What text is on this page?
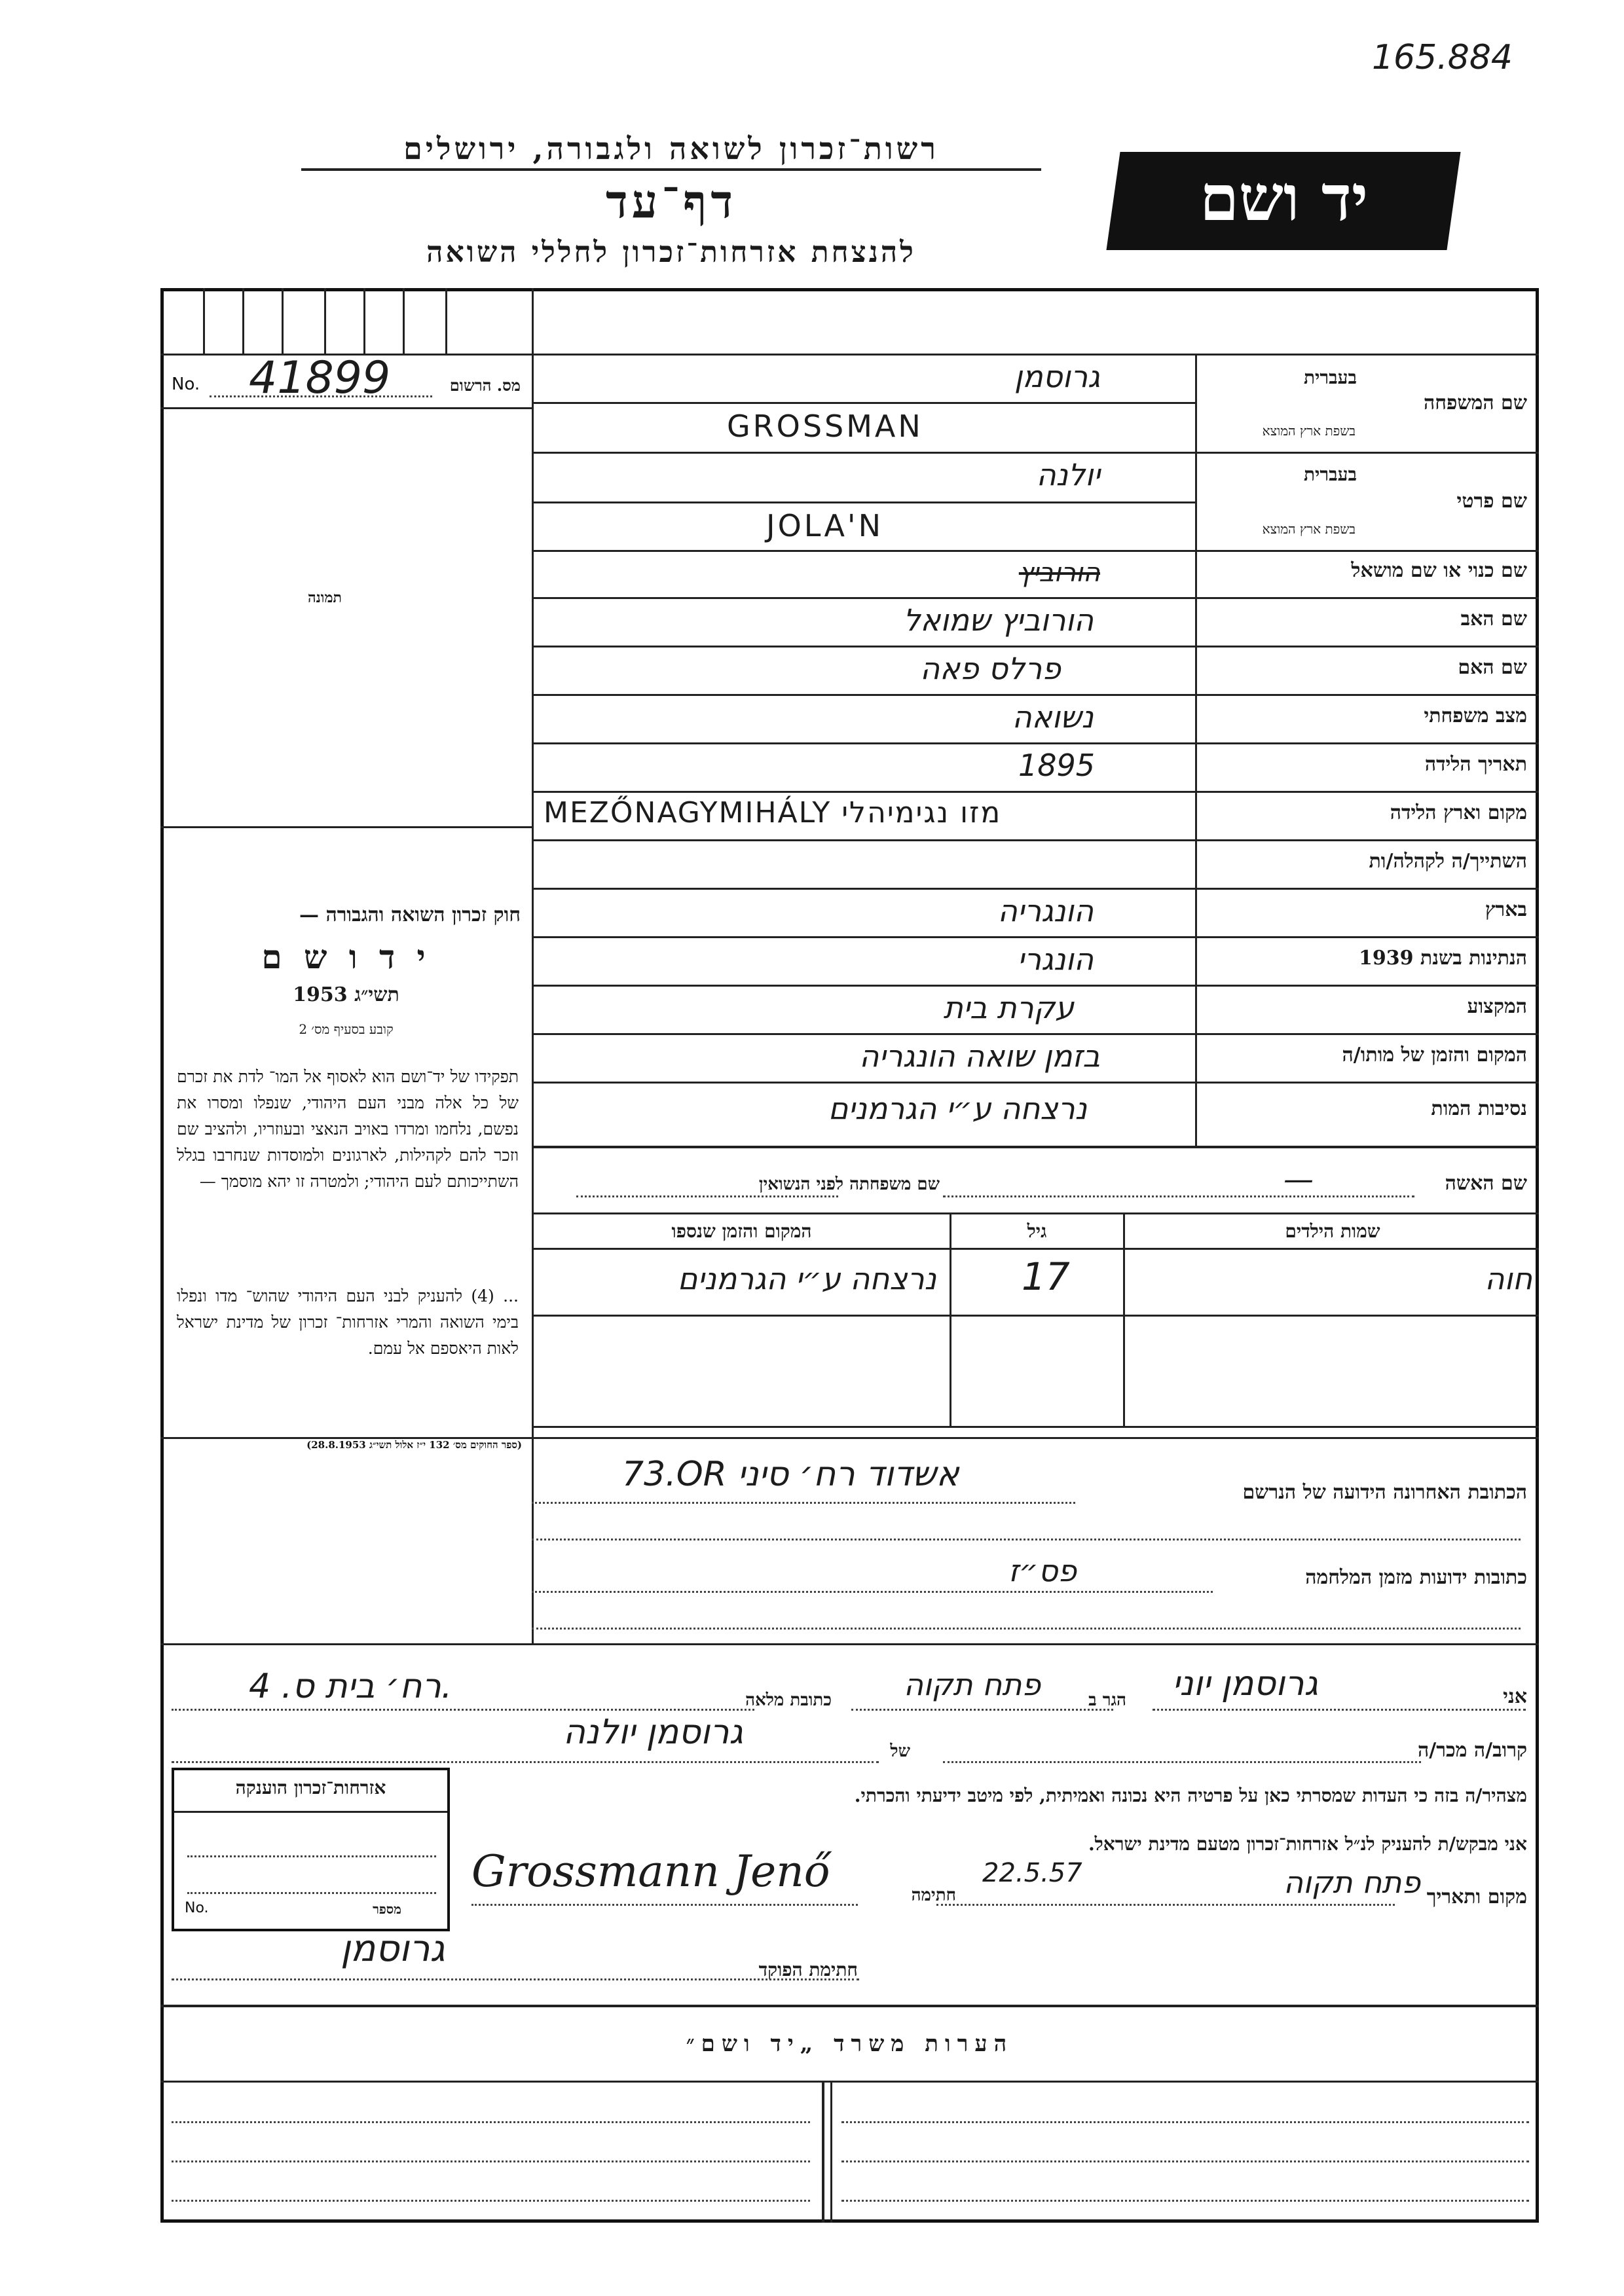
165.884
רשות־זכרון לשואה ולגבורה, ירושלים
דף־עד
להנצחת אזרחות־זכרון לחללי השואה
יד ושם
41899
No.	מס. הרשום
תמונה
חוק זכרון השואה והגבורה —
י ד ו ש ם
תשי״ג 1953
קובע בסעיף מס׳ 2
תפקידו של יד־ושם הוא לאסוף אל המו־ לדת את זכרם של כל אלה מבני העם היהודי, שנפלו ומסרו את נפשם, נלחמו ומרדו באויב הנאצי ובעוזריו, ולהציב שם וזכר להם לקהילות, לארגונים ולמוסדות שנחרבו בגלל השתייכותם לעם היהודי; ולמטרה זו יהא מוסמך —
... (4) להעניק לבני העם היהודי שהוש־ מדו ונפלו בימי השואה והמרי אזרחות־ זכרון של מדינת ישראל לאות היאספם אל עמם.
(ספר החוקים מס׳ 132 י״ז אלול תשי״ג 28.8.1953)
שם המשפחה
בעברית
בשפת ארץ המוצא
גרוסמן
GROSSMAN
שם פרטי
בעברית
בשפת ארץ המוצא
יולנה
JOLA'N
שם כנוי או שם מושאל
הורוביץ
שם האב
הורוביץ שמואל
שם האם
פרלס פאה
מצב משפחתי
נשואה
תאריך הלידה
1895
מקום וארץ הלידה
MEZŐNAGYMIHÁLY מזו נגימיהלי
השתייך/ה לקהלה/ות
בארץ
הונגריה
הנתינות בשנת 1939
הונגרי
המקצוע
עקרת בית
המקום והזמן של מותו/ה
בזמן שואה הונגריה
נסיבות המות
נרצחה ע״י הגרמנים
שם האשה
—
שם משפחתה לפני הנשואין
שמות הילדים
גיל
המקום והזמן שנספו
חוה
17
נרצחה ע״י הגרמנים
הכתובת האחרונה הידועה של הנרשם
73.OR אשדוד רח׳ סיני
כתובות ידועות מזמן המלחמה
פס״ז
אני
גרוסמן יוני
הגר ב
פתח תקוה
כתובת מלאה
רח׳ בית ס. 4.
קרוב/ה מכר/ה
של
גרוסמן יולנה
מצהיר/ה בזה כי העדות שמסרתי כאן על פרטיה היא נכונה ואמיתית, לפי מיטב ידיעתי והכרתי.
אני מבקש/ת להעניק לנ״ל אזרחות־זכרון מטעם מדינת ישראל.
מקום ותאריך
פתח תקוה
22.5.57
חתימה
Grossmann Jenő
אזרחות־זכרון הוענקה
No.	מספר
חתימת הפוקד
גרוסמן
הערות משרד „יד ושם״
